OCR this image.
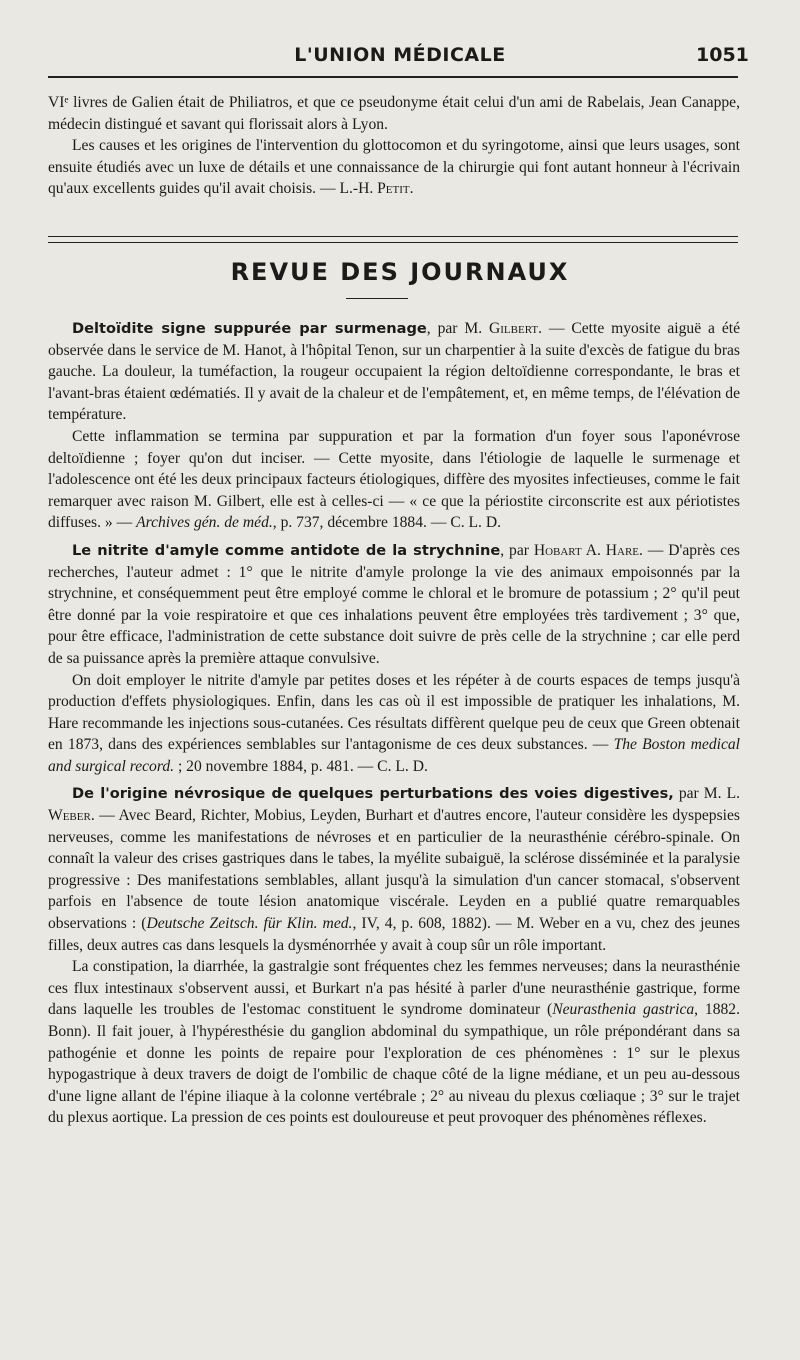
L'UNION MÉDICALE	1051

VIᵉ livres de Galien était de Philiatros, et que ce pseudonyme était celui d'un ami de Rabelais, Jean Canappe, médecin distingué et savant qui florissait alors à Lyon.

Les causes et les origines de l'intervention du glottocomon et du syringotome, ainsi que leurs usages, sont ensuite étudiés avec un luxe de détails et une connaissance de la chirurgie qui font autant honneur à l'écrivain qu'aux excellents guides qu'il avait choisis. — L.-H. Petit.

REVUE DES JOURNAUX

Deltoïdite signe suppurée par surmenage, par M. Gilbert. — Cette myosite aiguë a été observée dans le service de M. Hanot, à l'hôpital Tenon, sur un charpentier à la suite d'excès de fatigue du bras gauche. La douleur, la tuméfaction, la rougeur occupaient la région deltoïdienne correspondante, le bras et l'avant-bras étaient œdématiés. Il y avait de la chaleur et de l'empâtement, et, en même temps, de l'élévation de température.

Cette inflammation se termina par suppuration et par la formation d'un foyer sous l'aponévrose deltoïdienne ; foyer qu'on dut inciser. — Cette myosite, dans l'étiologie de laquelle le surmenage et l'adolescence ont été les deux principaux facteurs étiologiques, diffère des myosites infectieuses, comme le fait remarquer avec raison M. Gilbert, elle est à celles-ci — « ce que la périostite circonscrite est aux périotistes diffuses. » — Archives gén. de méd., p. 737, décembre 1884. — C. L. D.

Le nitrite d'amyle comme antidote de la strychnine, par Hobart A. Hare. — D'après ces recherches, l'auteur admet : 1° que le nitrite d'amyle prolonge la vie des animaux empoisonnés par la strychnine, et conséquemment peut être employé comme le chloral et le bromure de potassium ; 2° qu'il peut être donné par la voie respiratoire et que ces inhalations peuvent être employées très tardivement ; 3° que, pour être efficace, l'administration de cette substance doit suivre de près celle de la strychnine ; car elle perd de sa puissance après la première attaque convulsive.

On doit employer le nitrite d'amyle par petites doses et les répéter à de courts espaces de temps jusqu'à production d'effets physiologiques. Enfin, dans les cas où il est impossible de pratiquer les inhalations, M. Hare recommande les injections sous-cutanées. Ces résultats diffèrent quelque peu de ceux que Green obtenait en 1873, dans des expériences semblables sur l'antagonisme de ces deux substances. — The Boston medical and surgical record. ; 20 novembre 1884, p. 481. — C. L. D.

De l'origine névrosique de quelques perturbations des voies digestives, par M. L. Weber. — Avec Beard, Richter, Mobius, Leyden, Burhart et d'autres encore, l'auteur considère les dyspepsies nerveuses, comme les manifestations de névroses et en particulier de la neurasthénie cérébro-spinale. On connaît la valeur des crises gastriques dans le tabes, la myélite subaiguë, la sclérose disséminée et la paralysie progressive : Des manifestations semblables, allant jusqu'à la simulation d'un cancer stomacal, s'observent parfois en l'absence de toute lésion anatomique viscérale. Leyden en a publié quatre remarquables observations : (Deutsche Zeitsch. für Klin. med., IV, 4, p. 608, 1882). — M. Weber en a vu, chez des jeunes filles, deux autres cas dans lesquels la dysménorrhée y avait à coup sûr un rôle important.

La constipation, la diarrhée, la gastralgie sont fréquentes chez les femmes nerveuses; dans la neurasthénie ces flux intestinaux s'observent aussi, et Burkart n'a pas hésité à parler d'une neurasthénie gastrique, forme dans laquelle les troubles de l'estomac constituent le syndrome dominateur (Neurasthenia gastrica, 1882. Bonn). Il fait jouer, à l'hypéresthésie du ganglion abdominal du sympathique, un rôle prépondérant dans sa pathogénie et donne les points de repaire pour l'exploration de ces phénomènes : 1° sur le plexus hypogastrique à deux travers de doigt de l'ombilic de chaque côté de la ligne médiane, et un peu au-dessous d'une ligne allant de l'épine iliaque à la colonne vertébrale ; 2° au niveau du plexus cœliaque ; 3° sur le trajet du plexus aortique. La pression de ces points est douloureuse et peut provoquer des phénomènes réflexes.
